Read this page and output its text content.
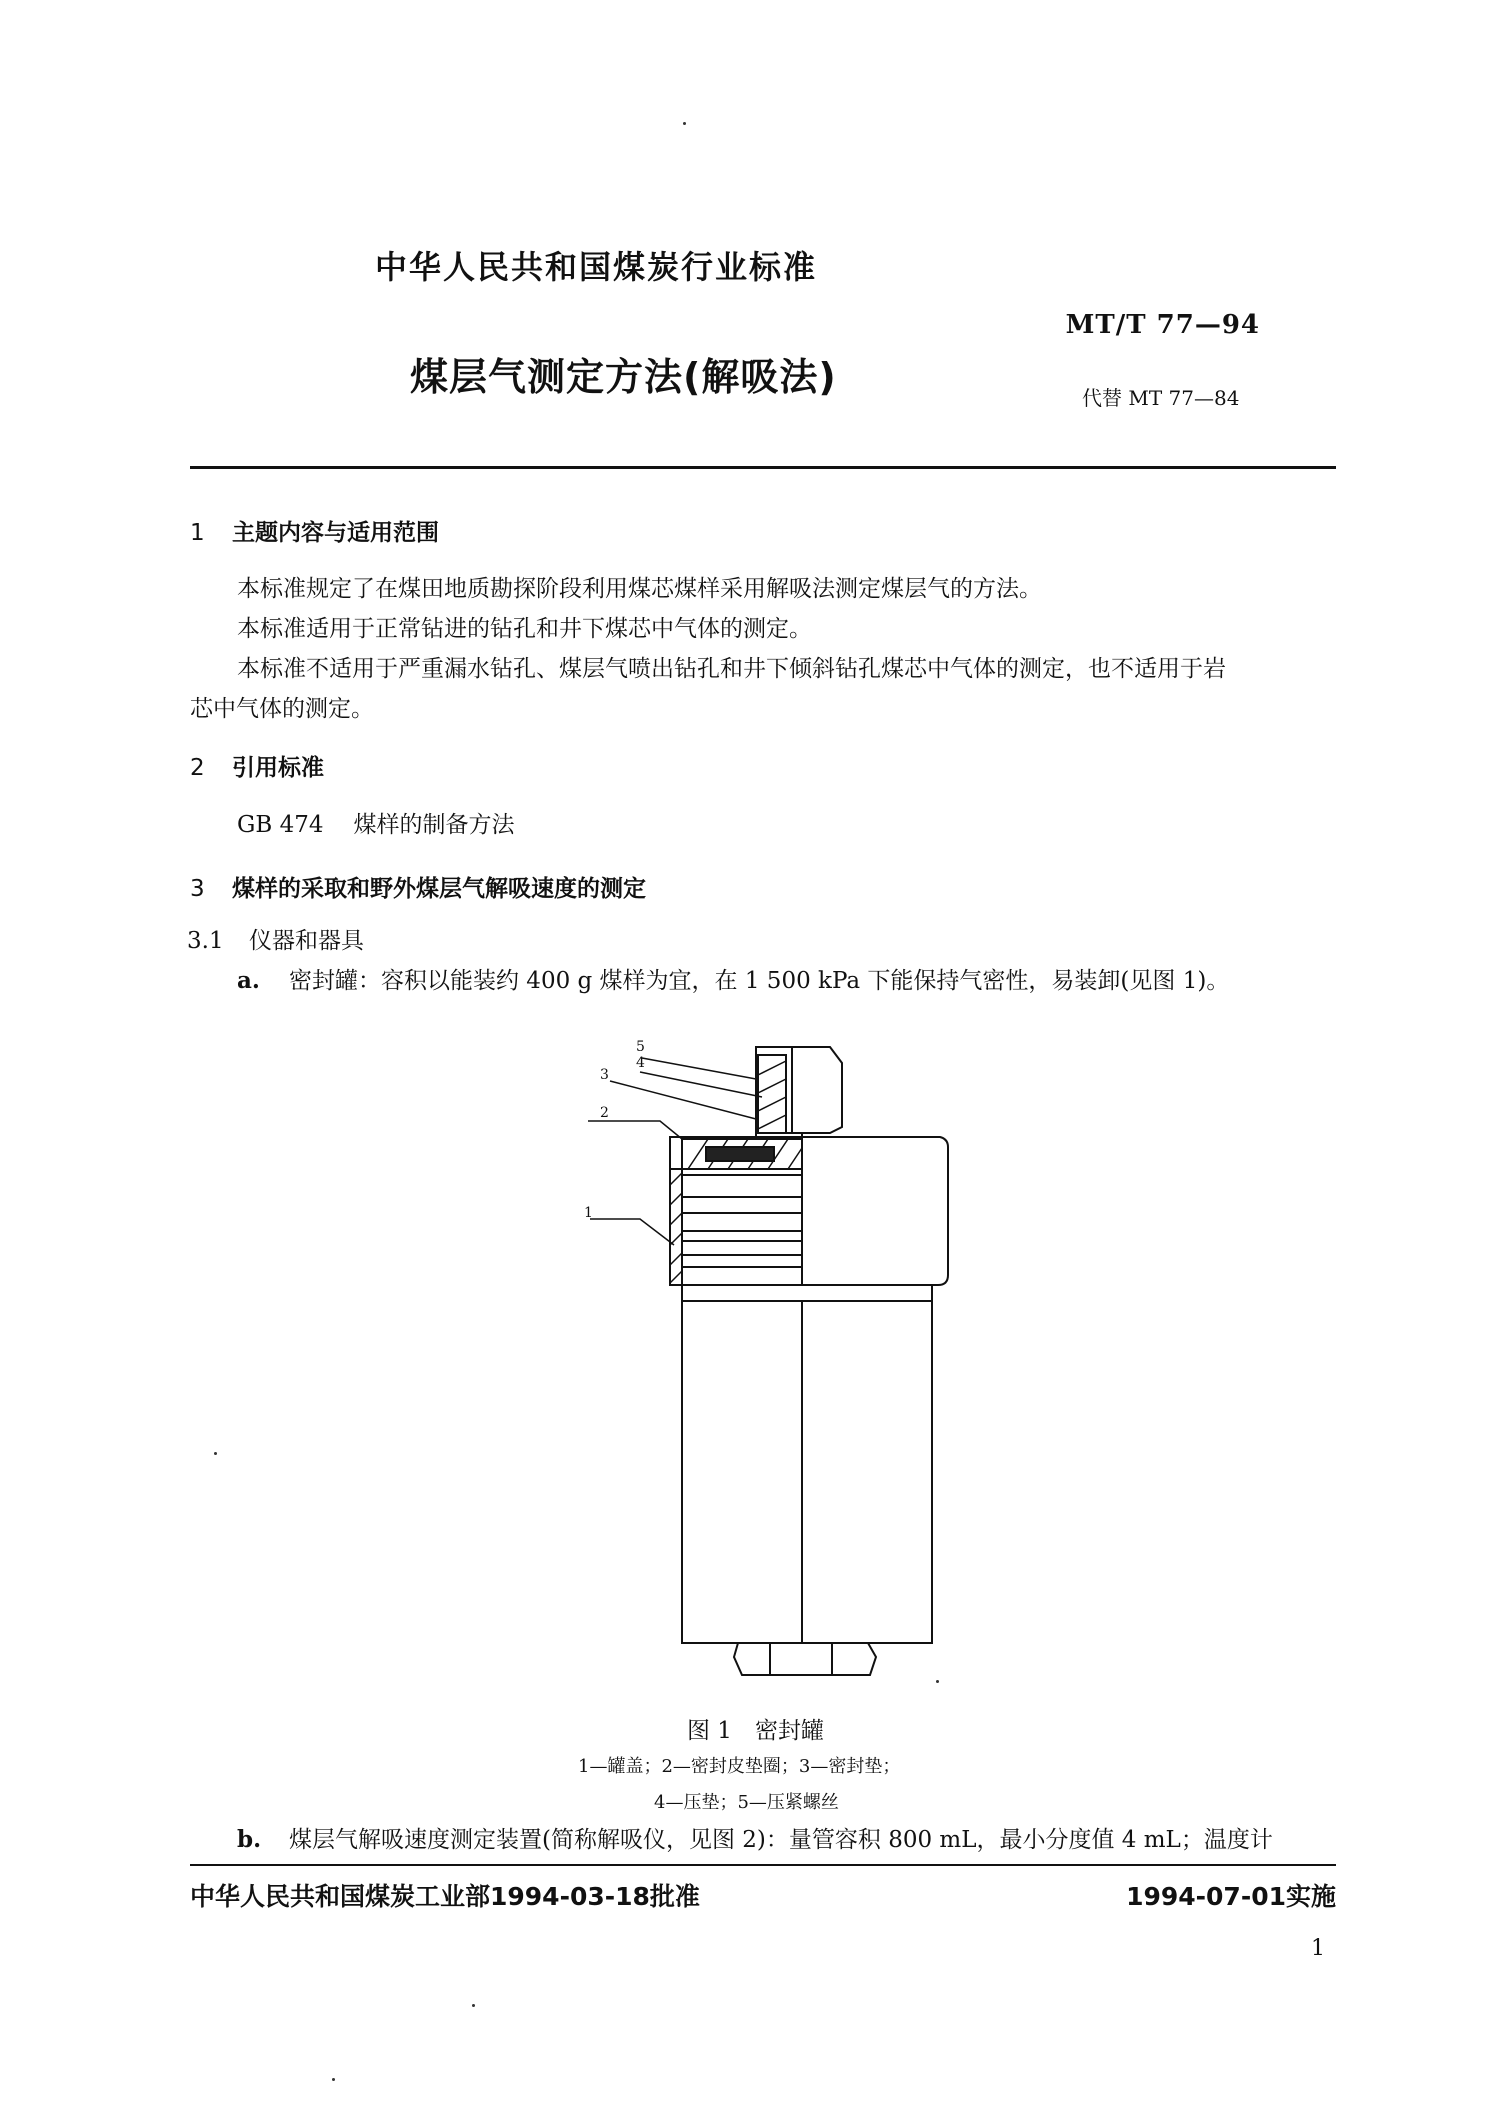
中华人民共和国煤炭行业标准
MT/T 77—94
煤层气测定方法(解吸法)	代替 MT 77—84
1 主题内容与适用范围
本标准规定了在煤田地质勘探阶段利用煤芯煤样采用解吸法测定煤层气的方法。
本标准适用于正常钻进的钻孔和井下煤芯中气体的测定。
本标准不适用于严重漏水钻孔、煤层气喷出钻孔和井下倾斜钻孔煤芯中气体的测定，也不适用于岩
芯中气体的测定。
2 引用标准
GB 474 煤样的制备方法
3 煤样的采取和野外煤层气解吸速度的测定
3.1 仪器和器具
a. 密封罐：容积以能装约 400 g 煤样为宜，在 1 500 kPa 下能保持气密性，易装卸(见图 1)。
5
4
3
2
1
图 1　密封罐
1—罐盖；2—密封皮垫圈；3—密封垫；
4—压垫；5—压紧螺丝
b. 煤层气解吸速度测定装置(简称解吸仪，见图 2)：量管容积 800 mL，最小分度值 4 mL；温度计
中华人民共和国煤炭工业部1994-03-18批准	1994-07-01实施
1
